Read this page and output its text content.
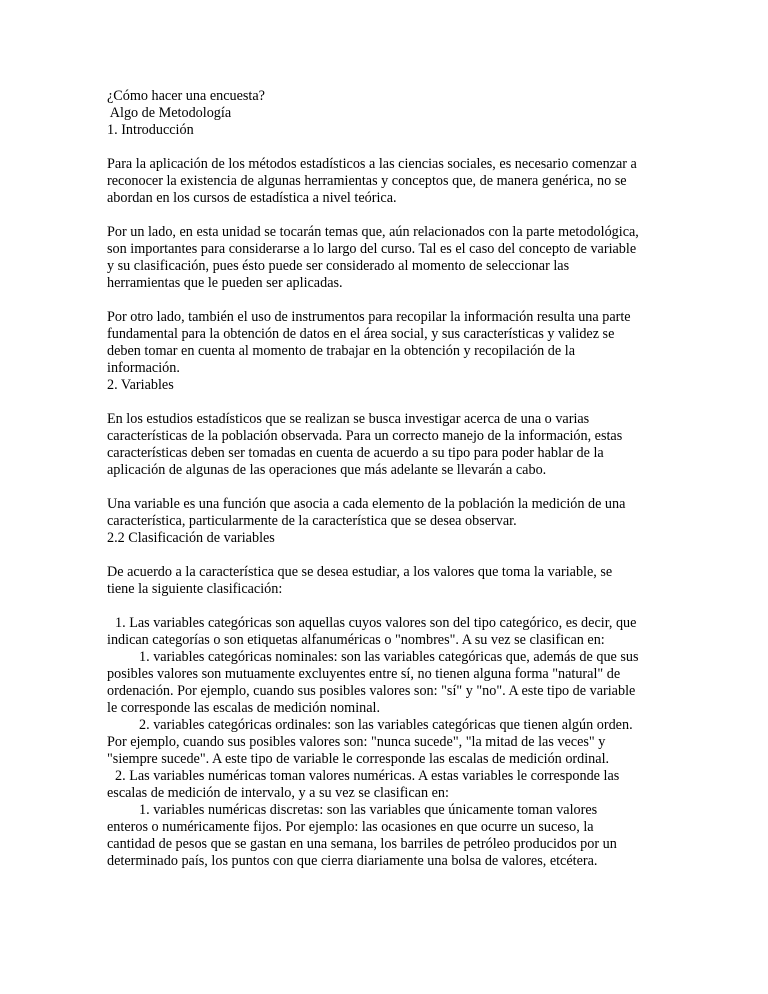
¿Cómo hacer una encuesta?
Algo de Metodología
1. Introducción
Para la aplicación de los métodos estadísticos a las ciencias sociales, es necesario comenzar a
reconocer la existencia de algunas herramientas y conceptos que, de manera genérica, no se
abordan en los cursos de estadística a nivel teórica.
Por un lado, en esta unidad se tocarán temas que, aún relacionados con la parte metodológica,
son importantes para considerarse a lo largo del curso. Tal es el caso del concepto de variable
y su clasificación, pues ésto puede ser considerado al momento de seleccionar las
herramientas que le pueden ser aplicadas.
Por otro lado, también el uso de instrumentos para recopilar la información resulta una parte
fundamental para la obtención de datos en el área social, y sus características y validez se
deben tomar en cuenta al momento de trabajar en la obtención y recopilación de la
información.
2. Variables
En los estudios estadísticos que se realizan se busca investigar acerca de una o varias
características de la población observada. Para un correcto manejo de la información, estas
características deben ser tomadas en cuenta de acuerdo a su tipo para poder hablar de la
aplicación de algunas de las operaciones que más adelante se llevarán a cabo.
Una variable es una función que asocia a cada elemento de la población la medición de una
característica, particularmente de la característica que se desea observar.
2.2 Clasificación de variables
De acuerdo a la característica que se desea estudiar, a los valores que toma la variable, se
tiene la siguiente clasificación:
1. Las variables categóricas son aquellas cuyos valores son del tipo categórico, es decir, que
indican categorías o son etiquetas alfanuméricas o "nombres". A su vez se clasifican en:
1. variables categóricas nominales: son las variables categóricas que, además de que sus
posibles valores son mutuamente excluyentes entre sí, no tienen alguna forma "natural" de
ordenación. Por ejemplo, cuando sus posibles valores son: "sí" y "no". A este tipo de variable
le corresponde las escalas de medición nominal.
2. variables categóricas ordinales: son las variables categóricas que tienen algún orden.
Por ejemplo, cuando sus posibles valores son: "nunca sucede", "la mitad de las veces" y
"siempre sucede". A este tipo de variable le corresponde las escalas de medición ordinal.
2. Las variables numéricas toman valores numéricas. A estas variables le corresponde las
escalas de medición de intervalo, y a su vez se clasifican en:
1. variables numéricas discretas: son las variables que únicamente toman valores
enteros o numéricamente fijos. Por ejemplo: las ocasiones en que ocurre un suceso, la
cantidad de pesos que se gastan en una semana, los barriles de petróleo producidos por un
determinado país, los puntos con que cierra diariamente una bolsa de valores, etcétera.
